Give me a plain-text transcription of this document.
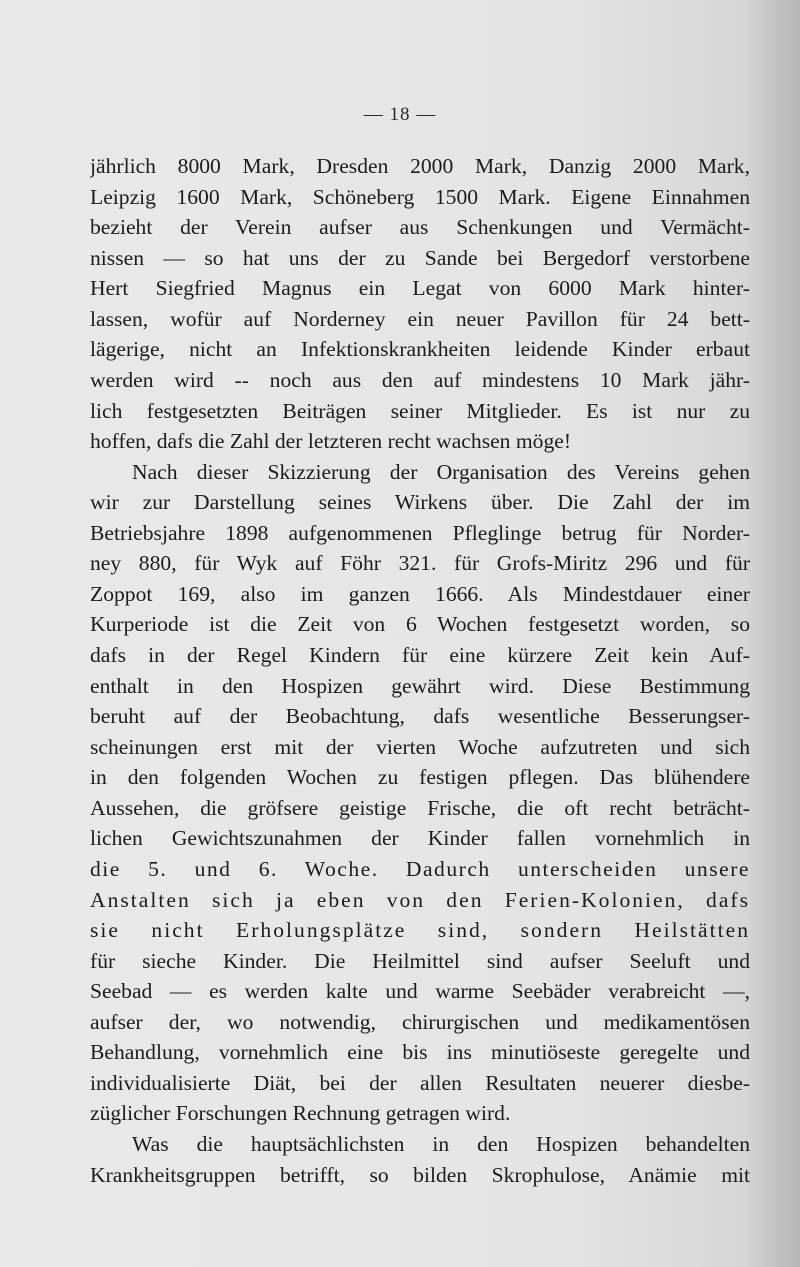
— 18 —
jährlich 8000 Mark, Dresden 2000 Mark, Danzig 2000 Mark,
Leipzig 1600 Mark, Schöneberg 1500 Mark. Eigene Einnahmen
bezieht der Verein aufser aus Schenkungen und Vermächt-
nissen — so hat uns der zu Sande bei Bergedorf verstorbene
Hert Siegfried Magnus ein Legat von 6000 Mark hinter-
lassen, wofür auf Norderney ein neuer Pavillon für 24 bett-
lägerige, nicht an Infektionskrankheiten leidende Kinder erbaut
werden wird -- noch aus den auf mindestens 10 Mark jähr-
lich festgesetzten Beiträgen seiner Mitglieder. Es ist nur zu
hoffen, dafs die Zahl der letzteren recht wachsen möge!
Nach dieser Skizzierung der Organisation des Vereins gehen
wir zur Darstellung seines Wirkens über. Die Zahl der im
Betriebsjahre 1898 aufgenommenen Pfleglinge betrug für Norder-
ney 880, für Wyk auf Föhr 321. für Grofs-Miritz 296 und für
Zoppot 169, also im ganzen 1666. Als Mindestdauer einer
Kurperiode ist die Zeit von 6 Wochen festgesetzt worden, so
dafs in der Regel Kindern für eine kürzere Zeit kein Auf-
enthalt in den Hospizen gewährt wird. Diese Bestimmung
beruht auf der Beobachtung, dafs wesentliche Besserungser-
scheinungen erst mit der vierten Woche aufzutreten und sich
in den folgenden Wochen zu festigen pflegen. Das blühendere
Aussehen, die gröfsere geistige Frische, die oft recht beträcht-
lichen Gewichtszunahmen der Kinder fallen vornehmlich in
die 5. und 6. Woche. Dadurch unterscheiden unsere
Anstalten sich ja eben von den Ferien-Kolonien, dafs
sie nicht Erholungsplätze sind, sondern Heilstätten
für sieche Kinder. Die Heilmittel sind aufser Seeluft und
Seebad — es werden kalte und warme Seebäder verabreicht —,
aufser der, wo notwendig, chirurgischen und medikamentösen
Behandlung, vornehmlich eine bis ins minutiöseste geregelte und
individualisierte Diät, bei der allen Resultaten neuerer diesbe-
züglicher Forschungen Rechnung getragen wird.
Was die hauptsächlichsten in den Hospizen behandelten
Krankheitsgruppen betrifft, so bilden Skrophulose, Anämie mit
